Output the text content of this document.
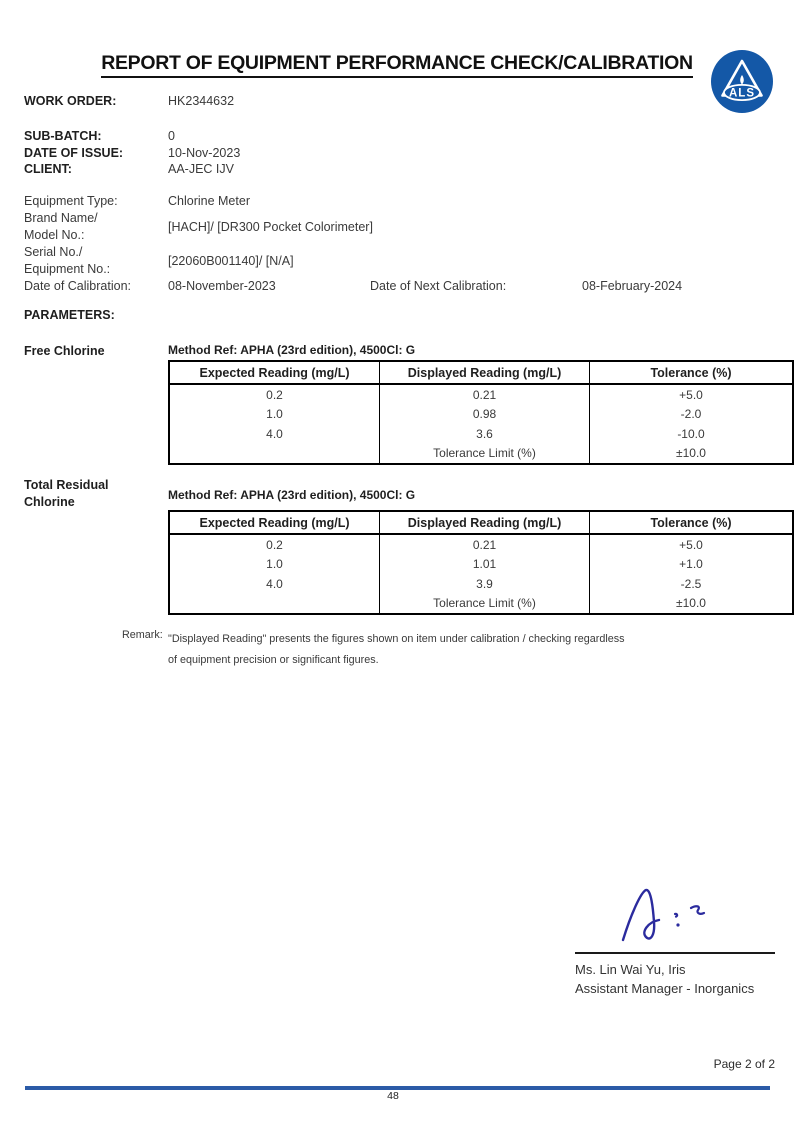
REPORT OF EQUIPMENT PERFORMANCE CHECK/CALIBRATION
ALS
WORK ORDER:	HK2344632
SUB-BATCH:	0
DATE OF ISSUE:	10-Nov-2023
CLIENT:	AA-JEC IJV
Equipment Type:	Chlorine Meter
Brand Name/
Model No.:
[HACH]/ [DR300 Pocket Colorimeter]
Serial No./
Equipment No.:
[22060B001140]/ [N/A]
Date of Calibration:	08-November-2023	Date of Next Calibration:	08-February-2024
PARAMETERS:
Free Chlorine	Method Ref: APHA (23rd edition), 4500Cl: G
Expected Reading (mg/L)	Displayed Reading (mg/L)	Tolerance (%)
0.2	0.21	+5.0
1.0	0.98	-2.0
4.0	3.6	-10.0
	Tolerance Limit (%)	±10.0
Total Residual
Chlorine	Method Ref: APHA (23rd edition), 4500Cl: G
Expected Reading (mg/L)	Displayed Reading (mg/L)	Tolerance (%)
0.2	0.21	+5.0
1.0	1.01	+1.0
4.0	3.9	-2.5
	Tolerance Limit (%)	±10.0
Remark: "Displayed Reading" presents the figures shown on item under calibration / checking regardless
of equipment precision or significant figures.
Ms. Lin Wai Yu, Iris
Assistant Manager - Inorganics
Page 2 of 2
48
